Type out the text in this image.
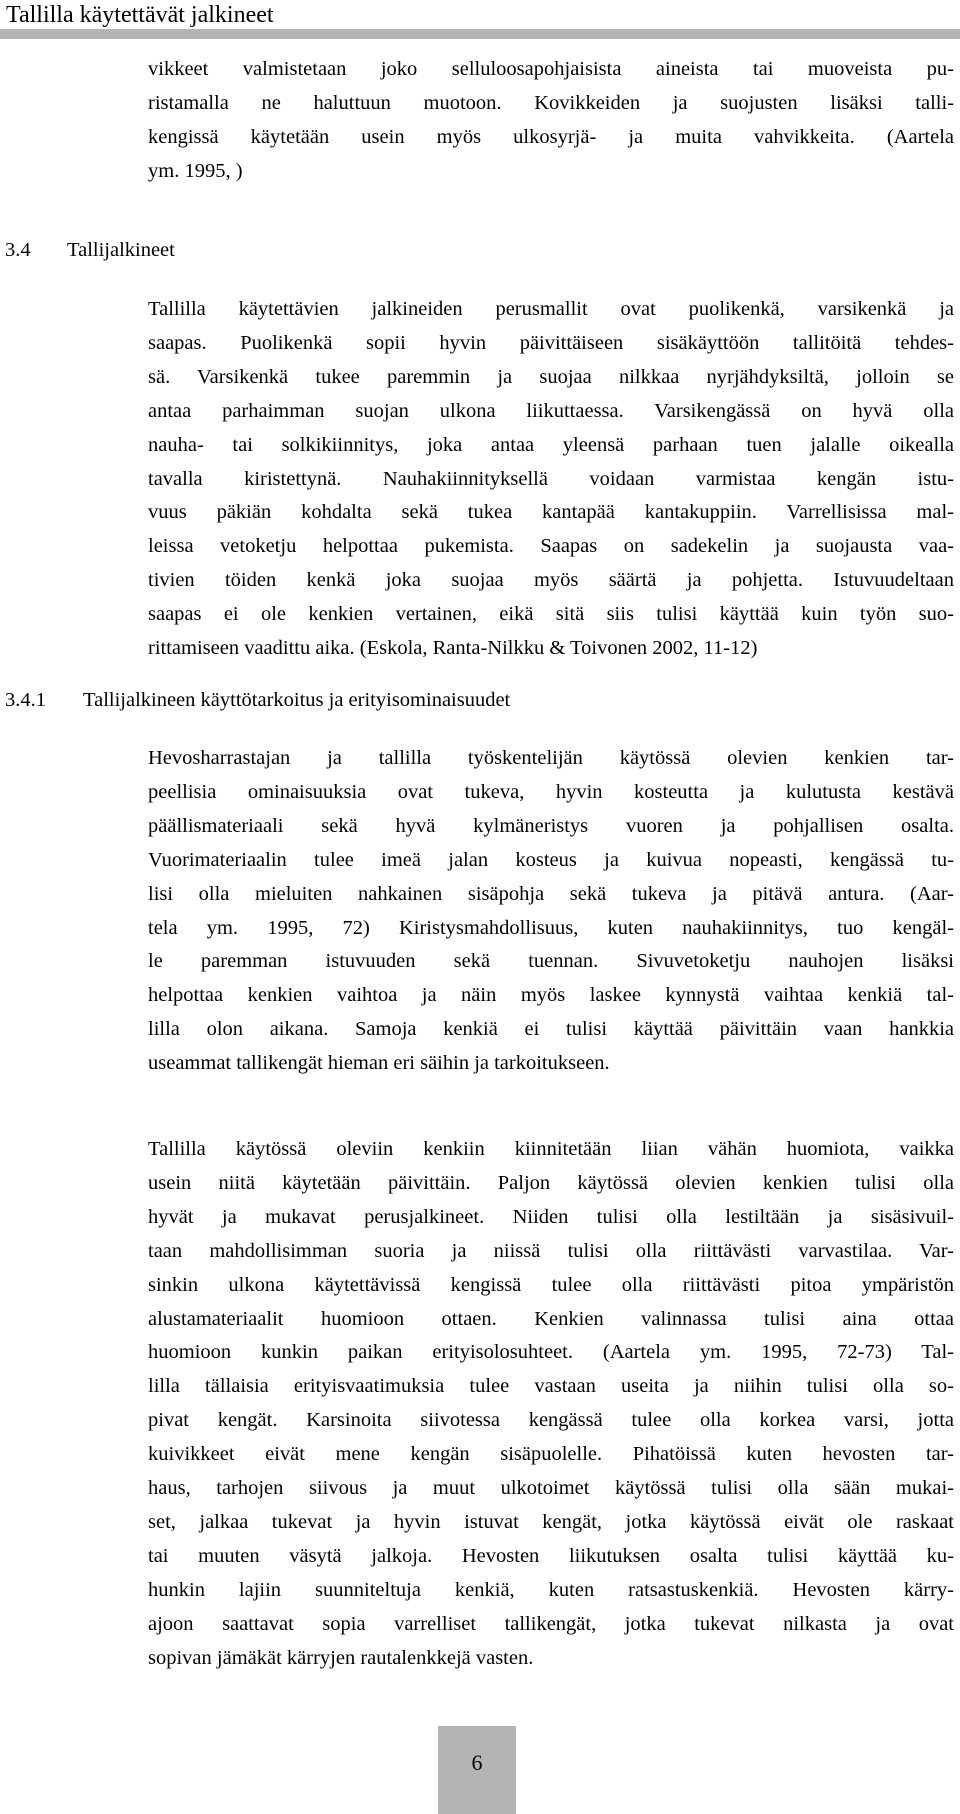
Tallilla käytettävät jalkineet
vikkeet valmistetaan joko selluloosapohjaisista aineista tai muoveista pu-
ristamalla ne haluttuun muotoon. Kovikkeiden ja suojusten lisäksi talli-
kengissä käytetään usein myös ulkosyrjä- ja muita vahvikkeita. (Aartela
ym. 1995, )
3.4 Tallijalkineet
Tallilla käytettävien jalkineiden perusmallit ovat puolikenkä, varsikenkä ja
saapas. Puolikenkä sopii hyvin päivittäiseen sisäkäyttöön tallitöitä tehdes-
sä. Varsikenkä tukee paremmin ja suojaa nilkkaa nyrjähdyksiltä, jolloin se
antaa parhaimman suojan ulkona liikuttaessa. Varsikengässä on hyvä olla
nauha- tai solkikiinnitys, joka antaa yleensä parhaan tuen jalalle oikealla
tavalla kiristettynä. Nauhakiinnityksellä voidaan varmistaa kengän istu-
vuus päkiän kohdalta sekä tukea kantapää kantakuppiin. Varrellisissa mal-
leissa vetoketju helpottaa pukemista. Saapas on sadekelin ja suojausta vaa-
tivien töiden kenkä joka suojaa myös säärtä ja pohjetta. Istuvuudeltaan
saapas ei ole kenkien vertainen, eikä sitä siis tulisi käyttää kuin työn suo-
rittamiseen vaadittu aika. (Eskola, Ranta-Nilkku & Toivonen 2002, 11-12)
3.4.1 Tallijalkineen käyttötarkoitus ja erityisominaisuudet
Hevosharrastajan ja tallilla työskentelijän käytössä olevien kenkien tar-
peellisia ominaisuuksia ovat tukeva, hyvin kosteutta ja kulutusta kestävä
päällismateriaali sekä hyvä kylmäneristys vuoren ja pohjallisen osalta.
Vuorimateriaalin tulee imeä jalan kosteus ja kuivua nopeasti, kengässä tu-
lisi olla mieluiten nahkainen sisäpohja sekä tukeva ja pitävä antura. (Aar-
tela ym. 1995, 72) Kiristysmahdollisuus, kuten nauhakiinnitys, tuo kengäl-
le paremman istuvuuden sekä tuennan. Sivuvetoketju nauhojen lisäksi
helpottaa kenkien vaihtoa ja näin myös laskee kynnystä vaihtaa kenkiä tal-
lilla olon aikana. Samoja kenkiä ei tulisi käyttää päivittäin vaan hankkia
useammat tallikengät hieman eri säihin ja tarkoitukseen.
Tallilla käytössä oleviin kenkiin kiinnitetään liian vähän huomiota, vaikka
usein niitä käytetään päivittäin. Paljon käytössä olevien kenkien tulisi olla
hyvät ja mukavat perusjalkineet. Niiden tulisi olla lestiltään ja sisäsivuil-
taan mahdollisimman suoria ja niissä tulisi olla riittävästi varvastilaa. Var-
sinkin ulkona käytettävissä kengissä tulee olla riittävästi pitoa ympäristön
alustamateriaalit huomioon ottaen. Kenkien valinnassa tulisi aina ottaa
huomioon kunkin paikan erityisolosuhteet. (Aartela ym. 1995, 72-73) Tal-
lilla tällaisia erityisvaatimuksia tulee vastaan useita ja niihin tulisi olla so-
pivat kengät. Karsinoita siivotessa kengässä tulee olla korkea varsi, jotta
kuivikkeet eivät mene kengän sisäpuolelle. Pihatöissä kuten hevosten tar-
haus, tarhojen siivous ja muut ulkotoimet käytössä tulisi olla sään mukai-
set, jalkaa tukevat ja hyvin istuvat kengät, jotka käytössä eivät ole raskaat
tai muuten väsytä jalkoja. Hevosten liikutuksen osalta tulisi käyttää ku-
hunkin lajiin suunniteltuja kenkiä, kuten ratsastuskenkiä. Hevosten kärry-
ajoon saattavat sopia varrelliset tallikengät, jotka tukevat nilkasta ja ovat
sopivan jämäkät kärryjen rautalenkkejä vasten.
6
